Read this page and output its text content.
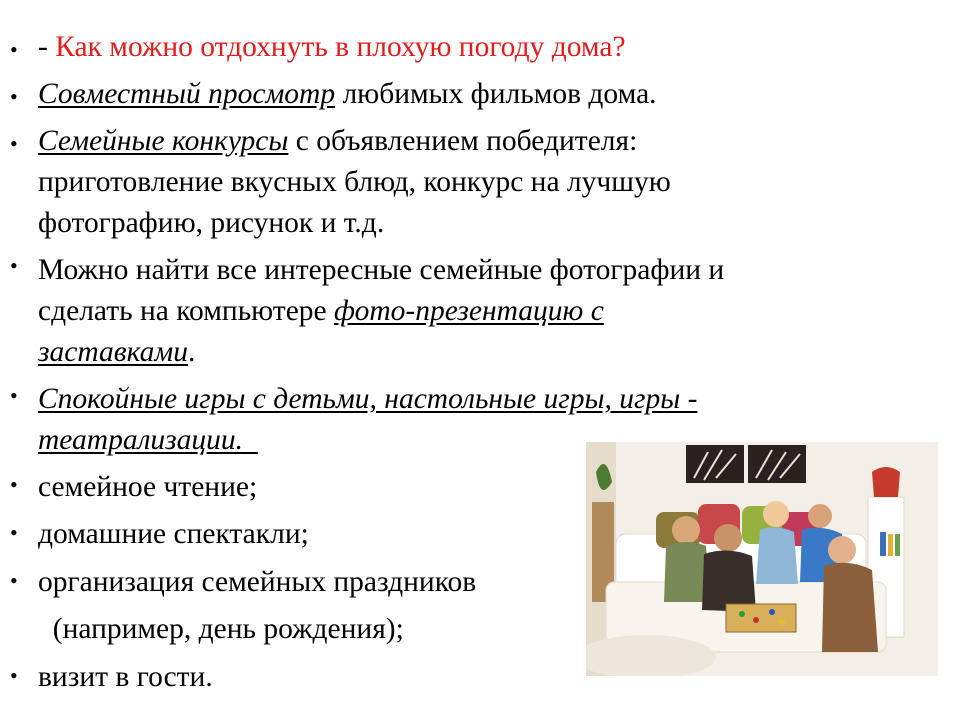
•
•
•
•
•
•
•
•
•
- Как можно отдохнуть в плохую погоду дома?
Совместный просмотр любимых фильмов дома.
Семейные конкурсы с объявлением победителя:
приготовление вкусных блюд, конкурс на лучшую
фотографию, рисунок и т.д.
Можно найти все интересные семейные фотографии и
сделать на компьютере фото-презентацию с
заставками.
Спокойные игры с детьми, настольные игры, игры -
театрализации.
семейное чтение;
домашние спектакли;
организация семейных праздников
(например, день рождения);
визит в гости.
